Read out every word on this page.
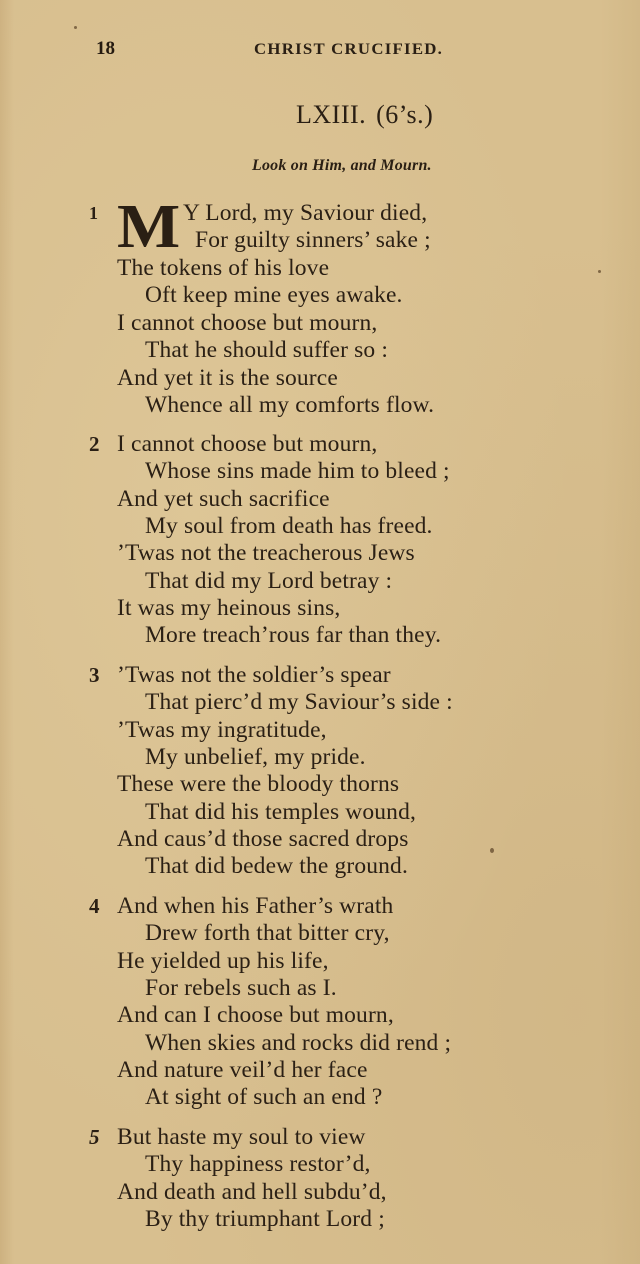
18	CHRIST CRUCIFIED.
LXIII. (6’s.)
Look on Him, and Mourn.
1 M Y Lord, my Saviour died,
For guilty sinners’ sake ;
The tokens of his love
Oft keep mine eyes awake.
I cannot choose but mourn,
That he should suffer so :
And yet it is the source
Whence all my comforts flow.
2 I cannot choose but mourn,
Whose sins made him to bleed ;
And yet such sacrifice
My soul from death has freed.
’Twas not the treacherous Jews
That did my Lord betray :
It was my heinous sins,
More treach’rous far than they.
3 ’Twas not the soldier’s spear
That pierc’d my Saviour’s side :
’Twas my ingratitude,
My unbelief, my pride.
These were the bloody thorns
That did his temples wound,
And caus’d those sacred drops
That did bedew the ground.
4 And when his Father’s wrath
Drew forth that bitter cry,
He yielded up his life,
For rebels such as I.
And can I choose but mourn,
When skies and rocks did rend ;
And nature veil’d her face
At sight of such an end ?
5 But haste my soul to view
Thy happiness restor’d,
And death and hell subdu’d,
By thy triumphant Lord ;
